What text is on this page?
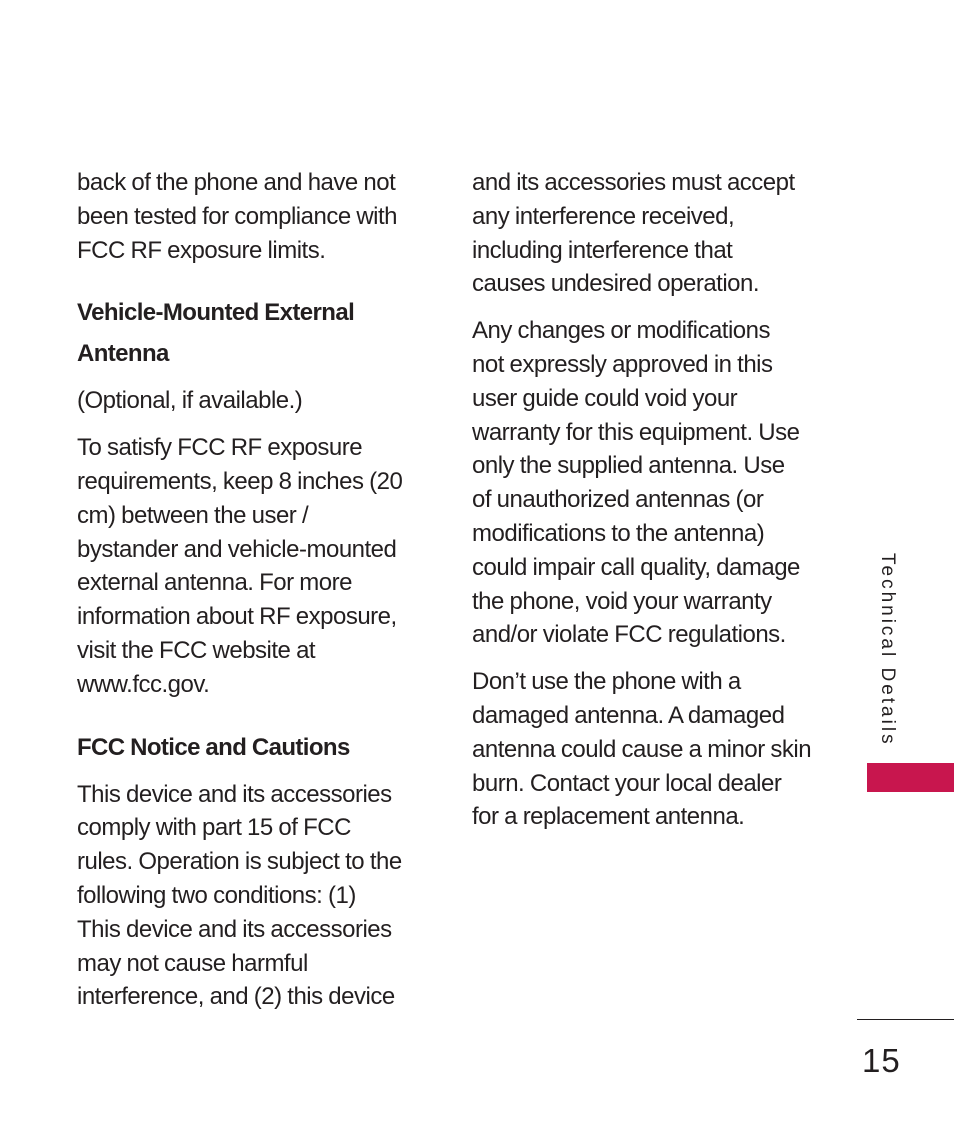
back of the phone and have not
been tested for compliance with
FCC RF exposure limits.

Vehicle-Mounted External
Antenna

(Optional, if available.)

To satisfy FCC RF exposure
requirements, keep 8 inches (20
cm) between the user /
bystander and vehicle-mounted
external antenna. For more
information about RF exposure,
visit the FCC website at
www.fcc.gov.

FCC Notice and Cautions

This device and its accessories
comply with part 15 of FCC
rules. Operation is subject to the
following two conditions: (1)
This device and its accessories
may not cause harmful
interference, and (2) this device

and its accessories must accept
any interference received,
including interference that
causes undesired operation.

Any changes or modifications
not expressly approved in this
user guide could void your
warranty for this equipment. Use
only the supplied antenna. Use
of unauthorized antennas (or
modifications to the antenna)
could impair call quality, damage
the phone, void your warranty
and/or violate FCC regulations.

Don’t use the phone with a
damaged antenna. A damaged
antenna could cause a minor skin
burn. Contact your local dealer
for a replacement antenna.

Technical Details
15
